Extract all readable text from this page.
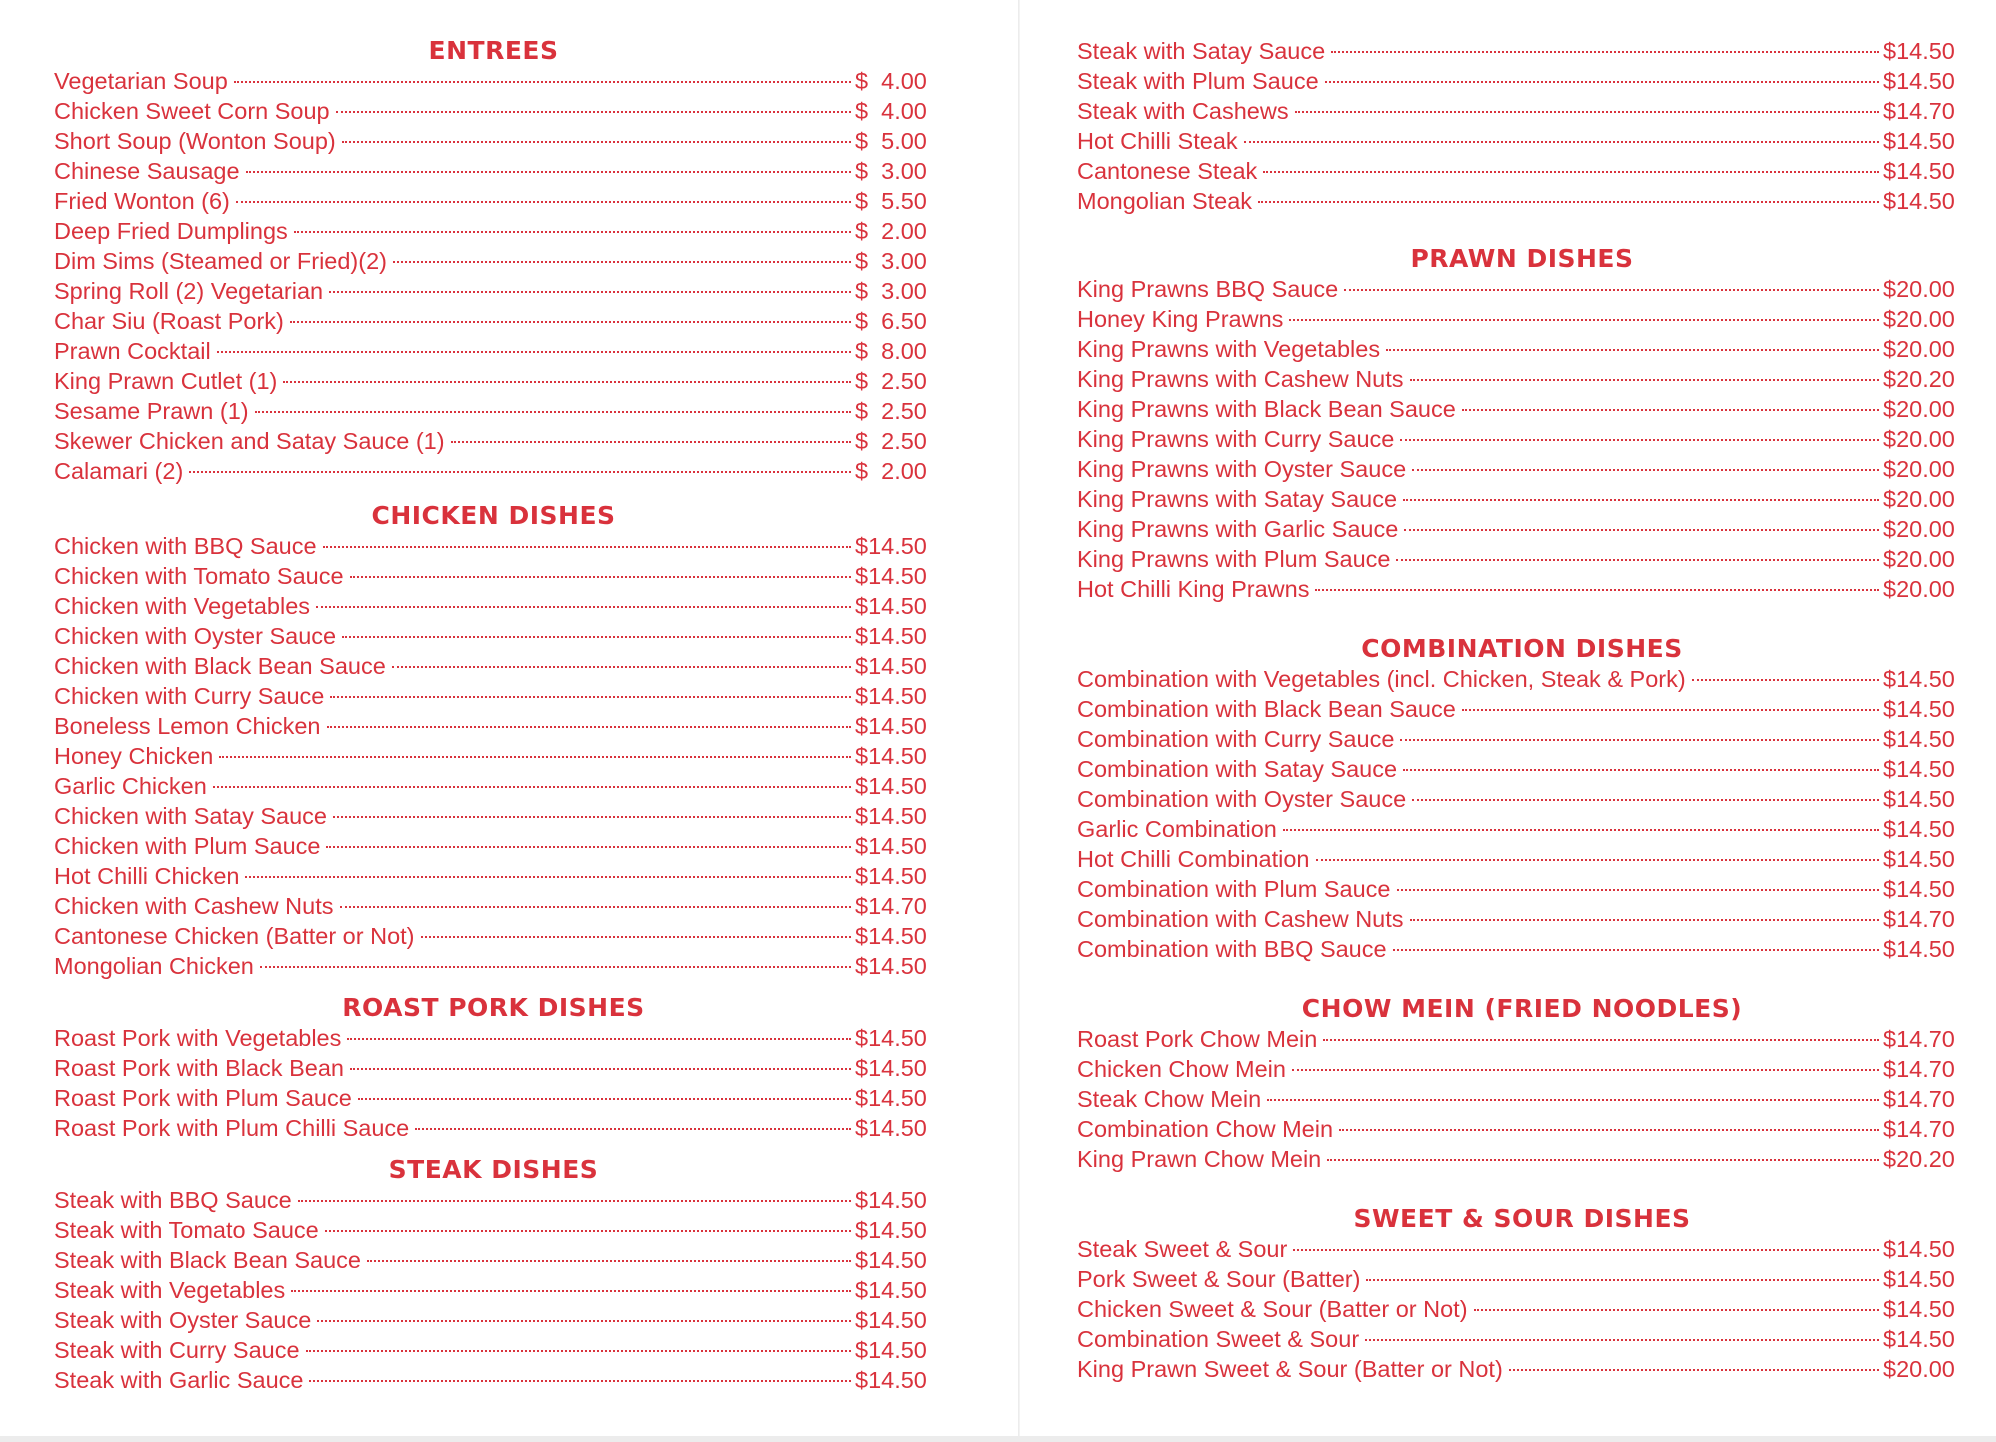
ENTREES
Vegetarian Soup	$  4.00
Chicken Sweet Corn Soup	$  4.00
Short Soup (Wonton Soup)	$  5.00
Chinese Sausage	$  3.00
Fried Wonton (6)	$  5.50
Deep Fried Dumplings	$  2.00
Dim Sims (Steamed or Fried)(2)	$  3.00
Spring Roll (2) Vegetarian	$  3.00
Char Siu (Roast Pork)	$  6.50
Prawn Cocktail	$  8.00
King Prawn Cutlet (1)	$  2.50
Sesame Prawn (1)	$  2.50
Skewer Chicken and Satay Sauce (1)	$  2.50
Calamari (2)	$  2.00
CHICKEN DISHES
Chicken with BBQ Sauce	$14.50
Chicken with Tomato Sauce	$14.50
Chicken with Vegetables	$14.50
Chicken with Oyster Sauce	$14.50
Chicken with Black Bean Sauce	$14.50
Chicken with Curry Sauce	$14.50
Boneless Lemon Chicken	$14.50
Honey Chicken	$14.50
Garlic Chicken	$14.50
Chicken with Satay Sauce	$14.50
Chicken with Plum Sauce	$14.50
Hot Chilli Chicken	$14.50
Chicken with Cashew Nuts	$14.70
Cantonese Chicken (Batter or Not)	$14.50
Mongolian Chicken	$14.50
ROAST PORK DISHES
Roast Pork with Vegetables	$14.50
Roast Pork with Black Bean	$14.50
Roast Pork with Plum Sauce	$14.50
Roast Pork with Plum Chilli Sauce	$14.50
STEAK DISHES
Steak with BBQ Sauce	$14.50
Steak with Tomato Sauce	$14.50
Steak with Black Bean Sauce	$14.50
Steak with Vegetables	$14.50
Steak with Oyster Sauce	$14.50
Steak with Curry Sauce	$14.50
Steak with Garlic Sauce	$14.50
Steak with Satay Sauce	$14.50
Steak with Plum Sauce	$14.50
Steak with Cashews	$14.70
Hot Chilli Steak	$14.50
Cantonese Steak	$14.50
Mongolian Steak	$14.50
PRAWN DISHES
King Prawns BBQ Sauce	$20.00
Honey King Prawns	$20.00
King Prawns with Vegetables	$20.00
King Prawns with Cashew Nuts	$20.20
King Prawns with Black Bean Sauce	$20.00
King Prawns with Curry Sauce	$20.00
King Prawns with Oyster Sauce	$20.00
King Prawns with Satay Sauce	$20.00
King Prawns with Garlic Sauce	$20.00
King Prawns with Plum Sauce	$20.00
Hot Chilli King Prawns	$20.00
COMBINATION DISHES
Combination with Vegetables (incl. Chicken, Steak & Pork)	$14.50
Combination with Black Bean Sauce	$14.50
Combination with Curry Sauce	$14.50
Combination with Satay Sauce	$14.50
Combination with Oyster Sauce	$14.50
Garlic Combination	$14.50
Hot Chilli Combination	$14.50
Combination with Plum Sauce	$14.50
Combination with Cashew Nuts	$14.70
Combination with BBQ Sauce	$14.50
CHOW MEIN (FRIED NOODLES)
Roast Pork Chow Mein	$14.70
Chicken Chow Mein	$14.70
Steak Chow Mein	$14.70
Combination Chow Mein	$14.70
King Prawn Chow Mein	$20.20
SWEET & SOUR DISHES
Steak Sweet & Sour	$14.50
Pork Sweet & Sour (Batter)	$14.50
Chicken Sweet & Sour (Batter or Not)	$14.50
Combination Sweet & Sour	$14.50
King Prawn Sweet & Sour (Batter or Not)	$20.00
